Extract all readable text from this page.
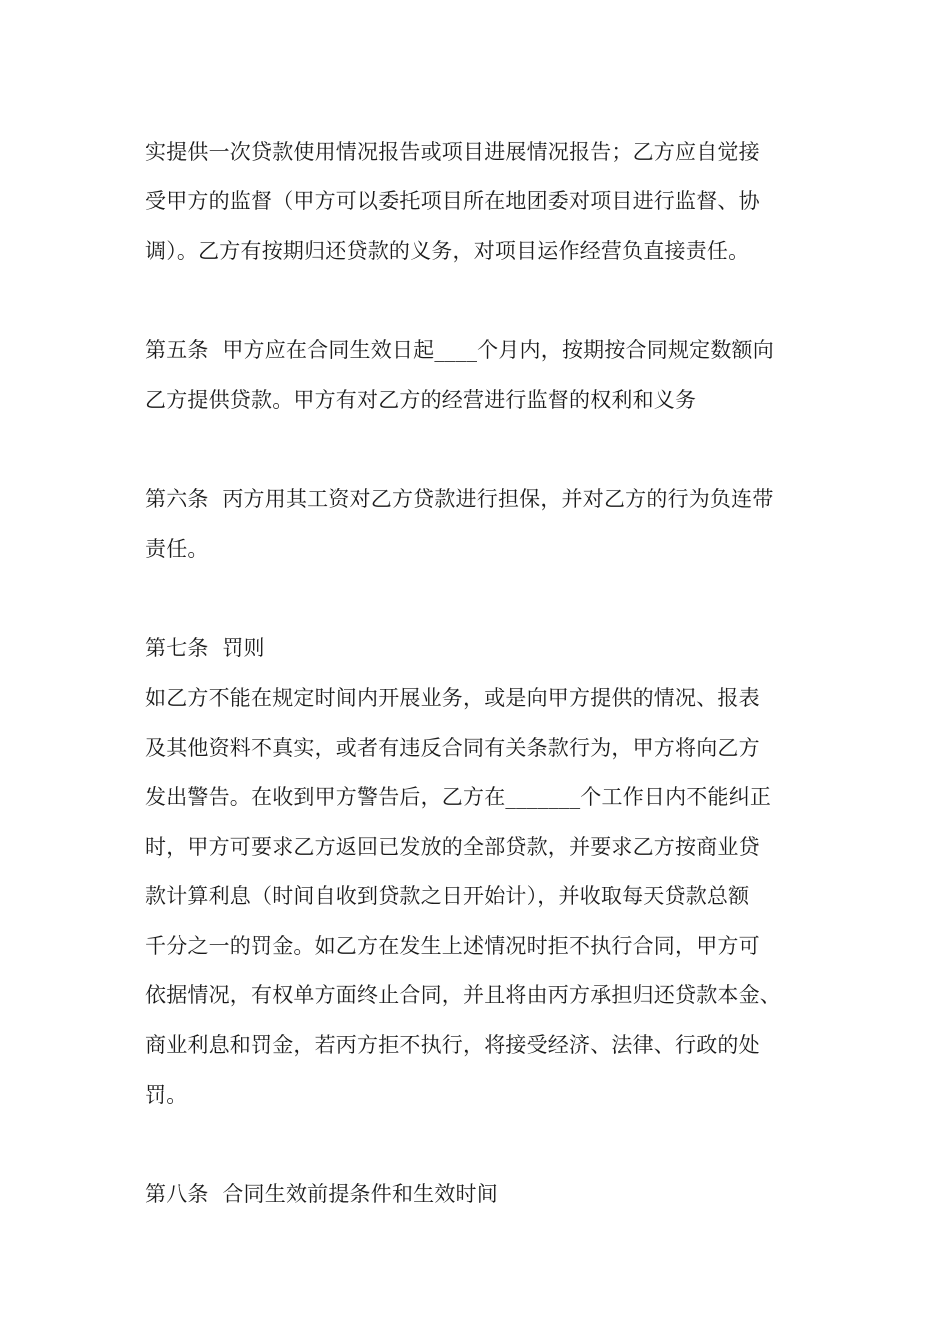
实提供一次贷款使用情况报告或项目进展情况报告；乙方应自觉接
受甲方的监督（甲方可以委托项目所在地团委对项目进行监督、协
调）。乙方有按期归还贷款的义务，对项目运作经营负直接责任。
第五条  甲方应在合同生效日起____个月内，按期按合同规定数额向
乙方提供贷款。甲方有对乙方的经营进行监督的权利和义务
第六条  丙方用其工资对乙方贷款进行担保，并对乙方的行为负连带
责任。
第七条  罚则
如乙方不能在规定时间内开展业务，或是向甲方提供的情况、报表
及其他资料不真实，或者有违反合同有关条款行为，甲方将向乙方
发出警告。在收到甲方警告后，乙方在_______个工作日内不能纠正
时，甲方可要求乙方返回已发放的全部贷款，并要求乙方按商业贷
款计算利息（时间自收到贷款之日开始计），并收取每天贷款总额
千分之一的罚金。如乙方在发生上述情况时拒不执行合同，甲方可
依据情况，有权单方面终止合同，并且将由丙方承担归还贷款本金、
商业利息和罚金，若丙方拒不执行，将接受经济、法律、行政的处
罚。
第八条  合同生效前提条件和生效时间
